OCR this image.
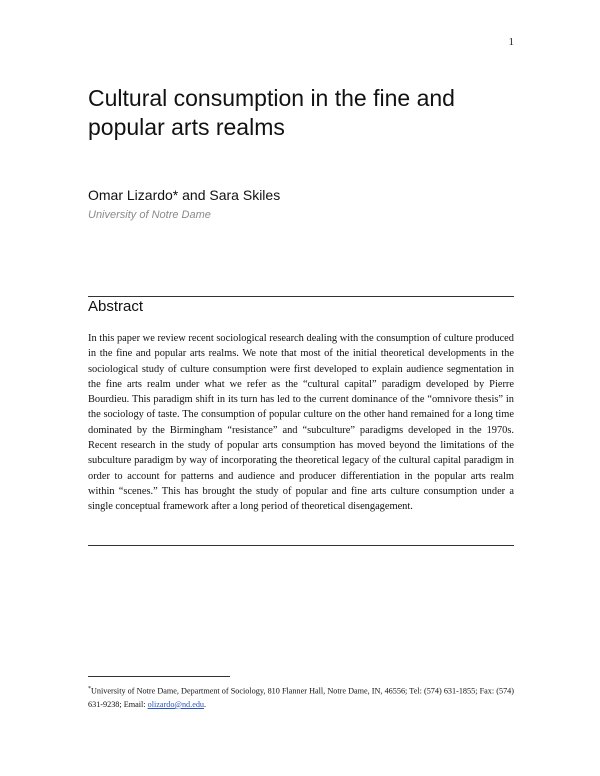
1
Cultural consumption in the fine and popular arts realms
Omar Lizardo* and Sara Skiles
University of Notre Dame
Abstract

In this paper we review recent sociological research dealing with the consumption of culture produced in the fine and popular arts realms. We note that most of the initial theoretical developments in the sociological study of culture consumption were first developed to explain audience segmentation in the fine arts realm under what we refer as the “cultural capital” paradigm developed by Pierre Bourdieu. This paradigm shift in its turn has led to the current dominance of the “omnivore thesis” in the sociology of taste. The consumption of popular culture on the other hand remained for a long time dominated by the Birmingham “resistance” and “subculture” paradigms developed in the 1970s. Recent research in the study of popular arts consumption has moved beyond the limitations of the subculture paradigm by way of incorporating the theoretical legacy of the cultural capital paradigm in order to account for patterns and audience and producer differentiation in the popular arts realm within “scenes.” This has brought the study of popular and fine arts culture consumption under a single conceptual framework after a long period of theoretical disengagement.

*University of Notre Dame, Department of Sociology, 810 Flanner Hall, Notre Dame, IN, 46556; Tel: (574) 631-1855; Fax: (574) 631-9238; Email: olizardo@nd.edu.
